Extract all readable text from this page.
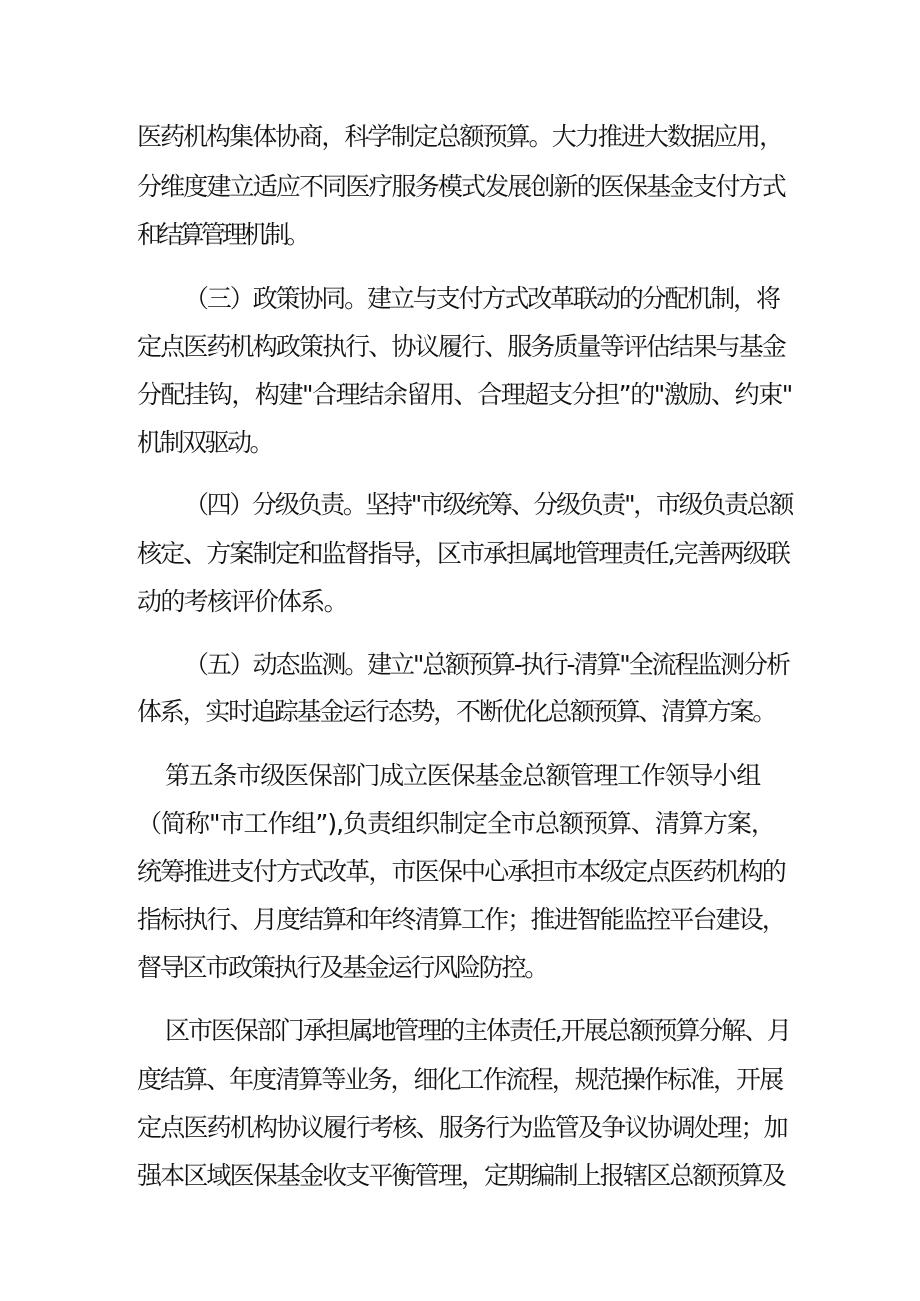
医药机构集体协商，科学制定总额预算。大力推进大数据应用，

分维度建立适应不同医疗服务模式发展创新的医保基金支付方式

和结算管理机制。

（三）政策协同。建立与支付方式改革联动的分配机制，将

定点医药机构政策执行、协议履行、服务质量等评估结果与基金

分配挂钩，构建"合理结余留用、合理超支分担”的"激励、约束"

机制双驱动。

（四）分级负责。坚持"市级统筹、分级负责"，市级负责总额

核定、方案制定和监督指导，区市承担属地管理责任,完善两级联

动的考核评价体系。

（五）动态监测。建立"总额预算-执行-清算"全流程监测分析

体系，实时追踪基金运行态势，不断优化总额预算、清算方案。

第五条市级医保部门成立医保基金总额管理工作领导小组

（简称"市工作组”),负责组织制定全市总额预算、清算方案，

统筹推进支付方式改革，市医保中心承担市本级定点医药机构的

指标执行、月度结算和年终清算工作；推进智能监控平台建设，

督导区市政策执行及基金运行风险防控。

区市医保部门承担属地管理的主体责任,开展总额预算分解、月

度结算、年度清算等业务，细化工作流程，规范操作标准，开展

定点医药机构协议履行考核、服务行为监管及争议协调处理；加

强本区域医保基金收支平衡管理，定期编制上报辖区总额预算及
